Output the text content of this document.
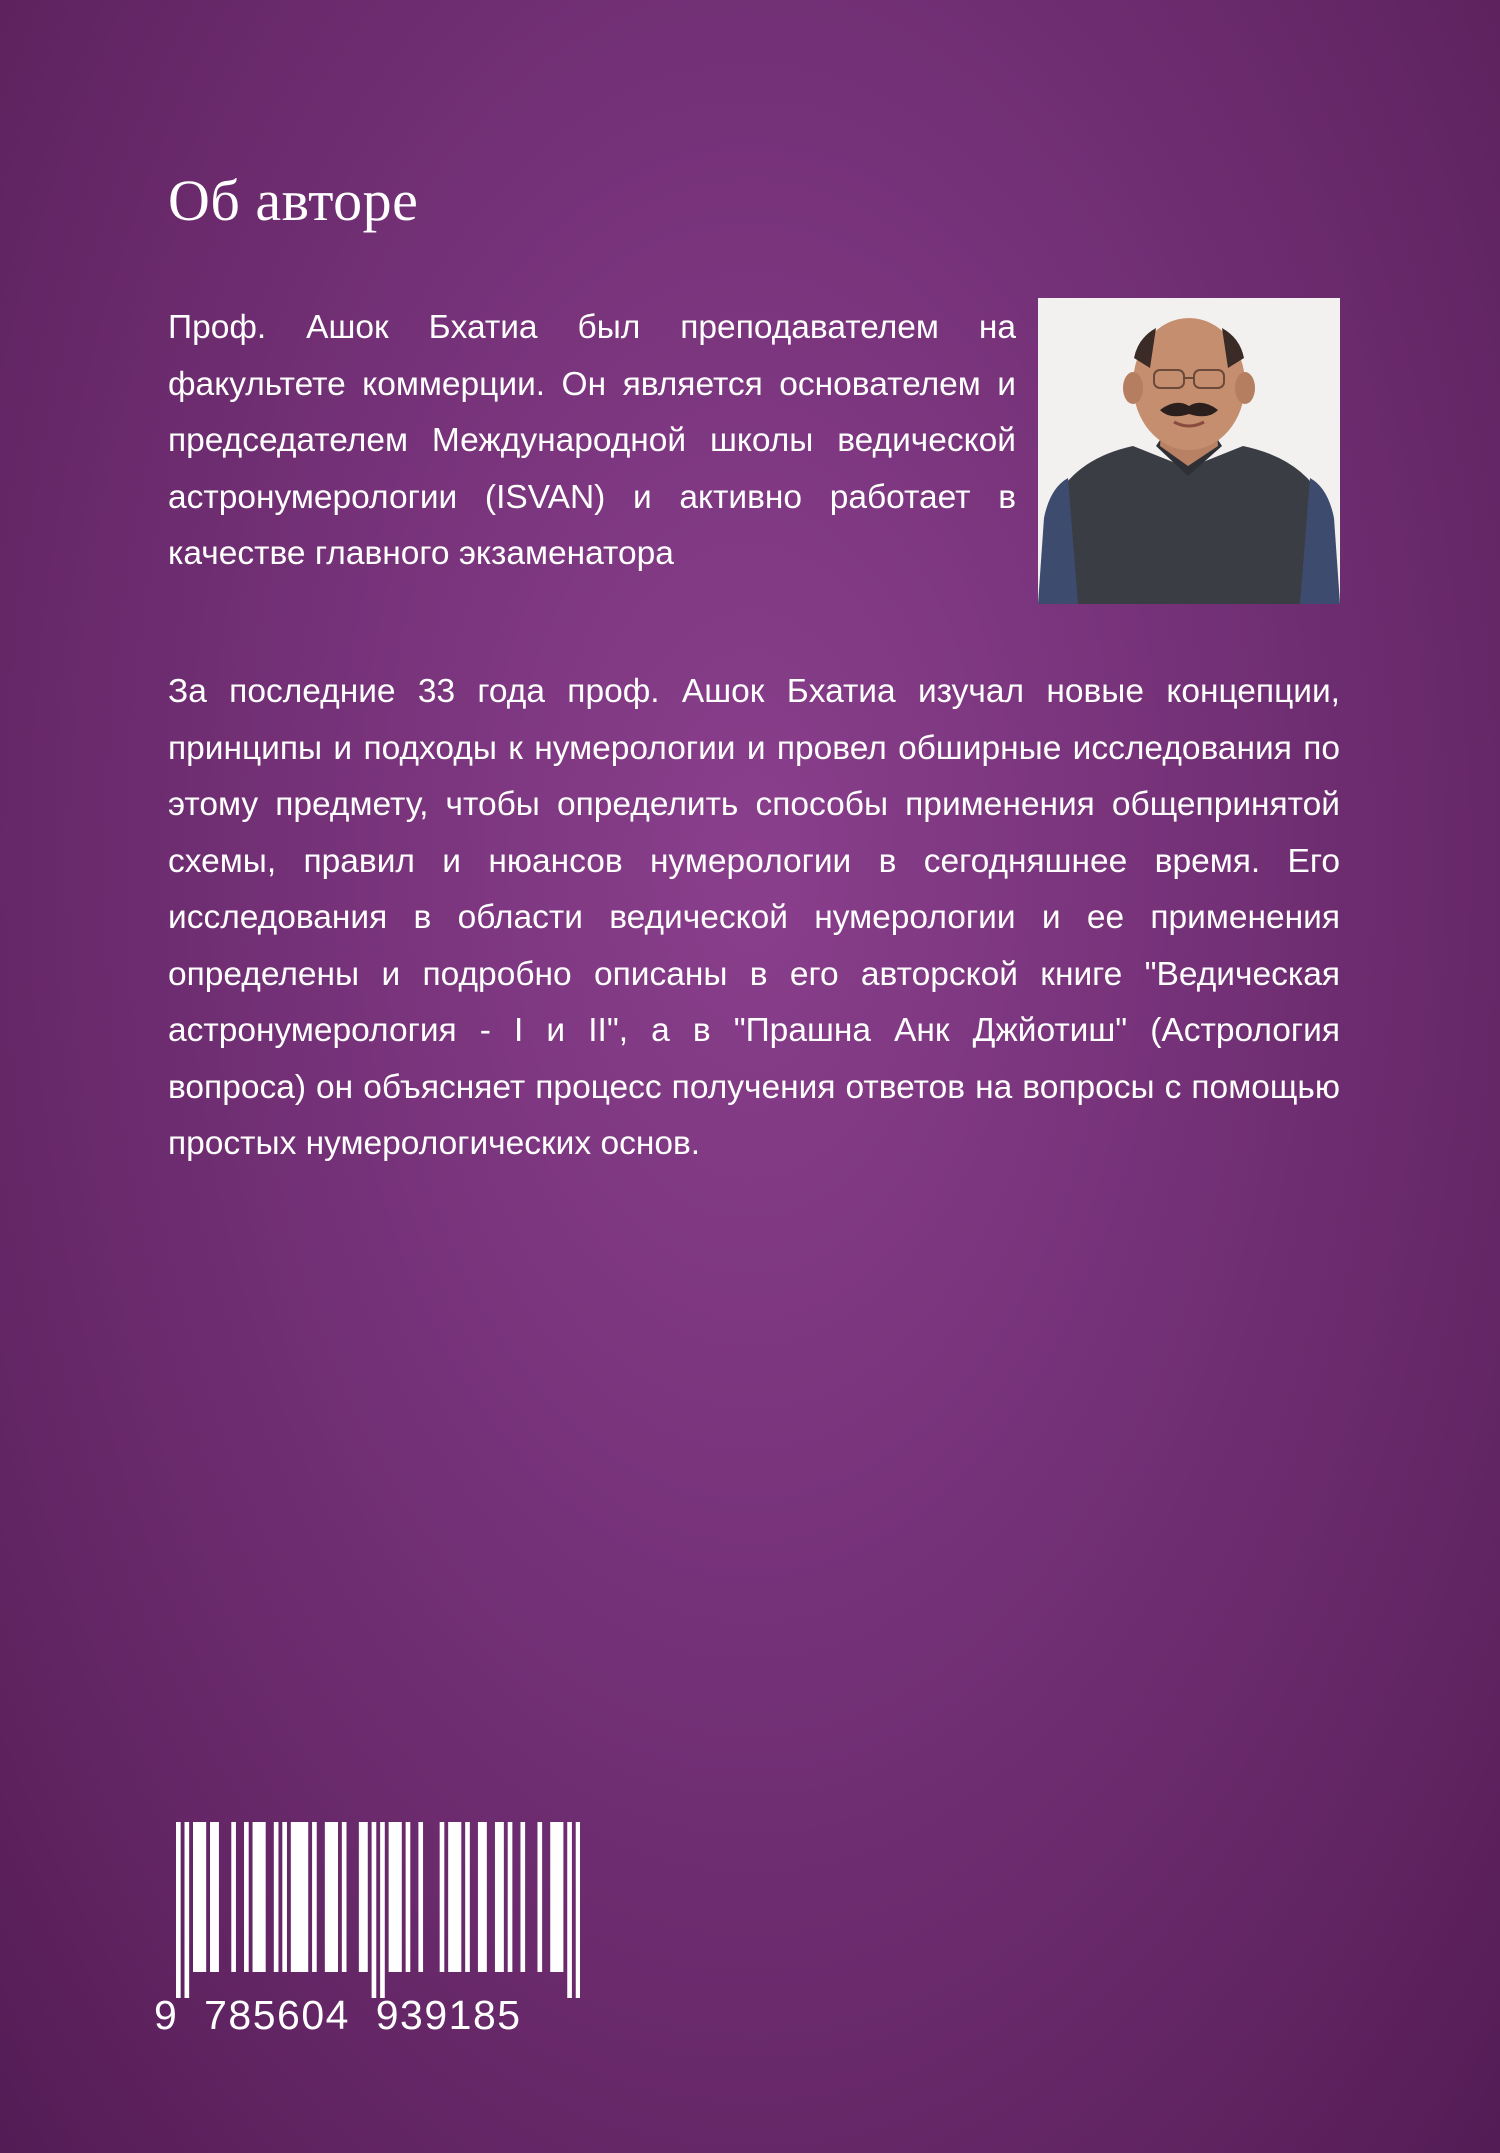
Об авторе

Проф. Ашок Бхатиа был преподавателем на факультете коммерции. Он является основателем и председателем Международной школы ведической астронумерологии (ISVAN) и активно работает в качестве главного экзаменатора

За последние 33 года проф. Ашок Бхатиа изучал новые концепции, принципы и подходы к нумерологии и провел обширные исследования по этому предмету, чтобы определить способы применения общепринятой схемы, правил и нюансов нумерологии в сегодняшнее время. Его исследования в области ведической нумерологии и ее применения определены и подробно описаны в его авторской книге "Ведическая астронумерология - I и II", а в "Прашна Анк Джйотиш" (Астрология вопроса) он объясняет процесс получения ответов на вопросы с помощью простых нумерологических основ.

9 785604 939185
